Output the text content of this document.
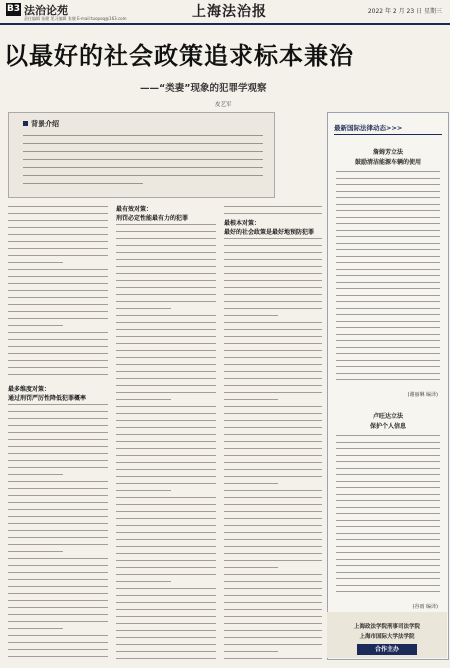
B3 法治论苑
责任编辑 张健 见习编辑 张兢 E-mail:tuopoq@163.com	上海法治报	2022 年 2 月 23 日 星期三
以最好的社会政策追求标本兼治
——“类妻”现象的犯罪学观察
皮艺军
背景介绍
最多维度对策：
通过刑罚严厉性降低犯罪概率
最有效对策：
刑罚必定性能最有力的犯罪
最根本对策：
最好的社会政策是最好地预防犯罪
最新国际法律动态>>>
詹姆芳立法
鼓励清洁能源车辆的使用
(谢丽琳 编译)
卢旺达立法
保护个人信息
(谷雨 编译)
上海政法学院刑事司法学院
上海市国际大学法学院
合作主办
